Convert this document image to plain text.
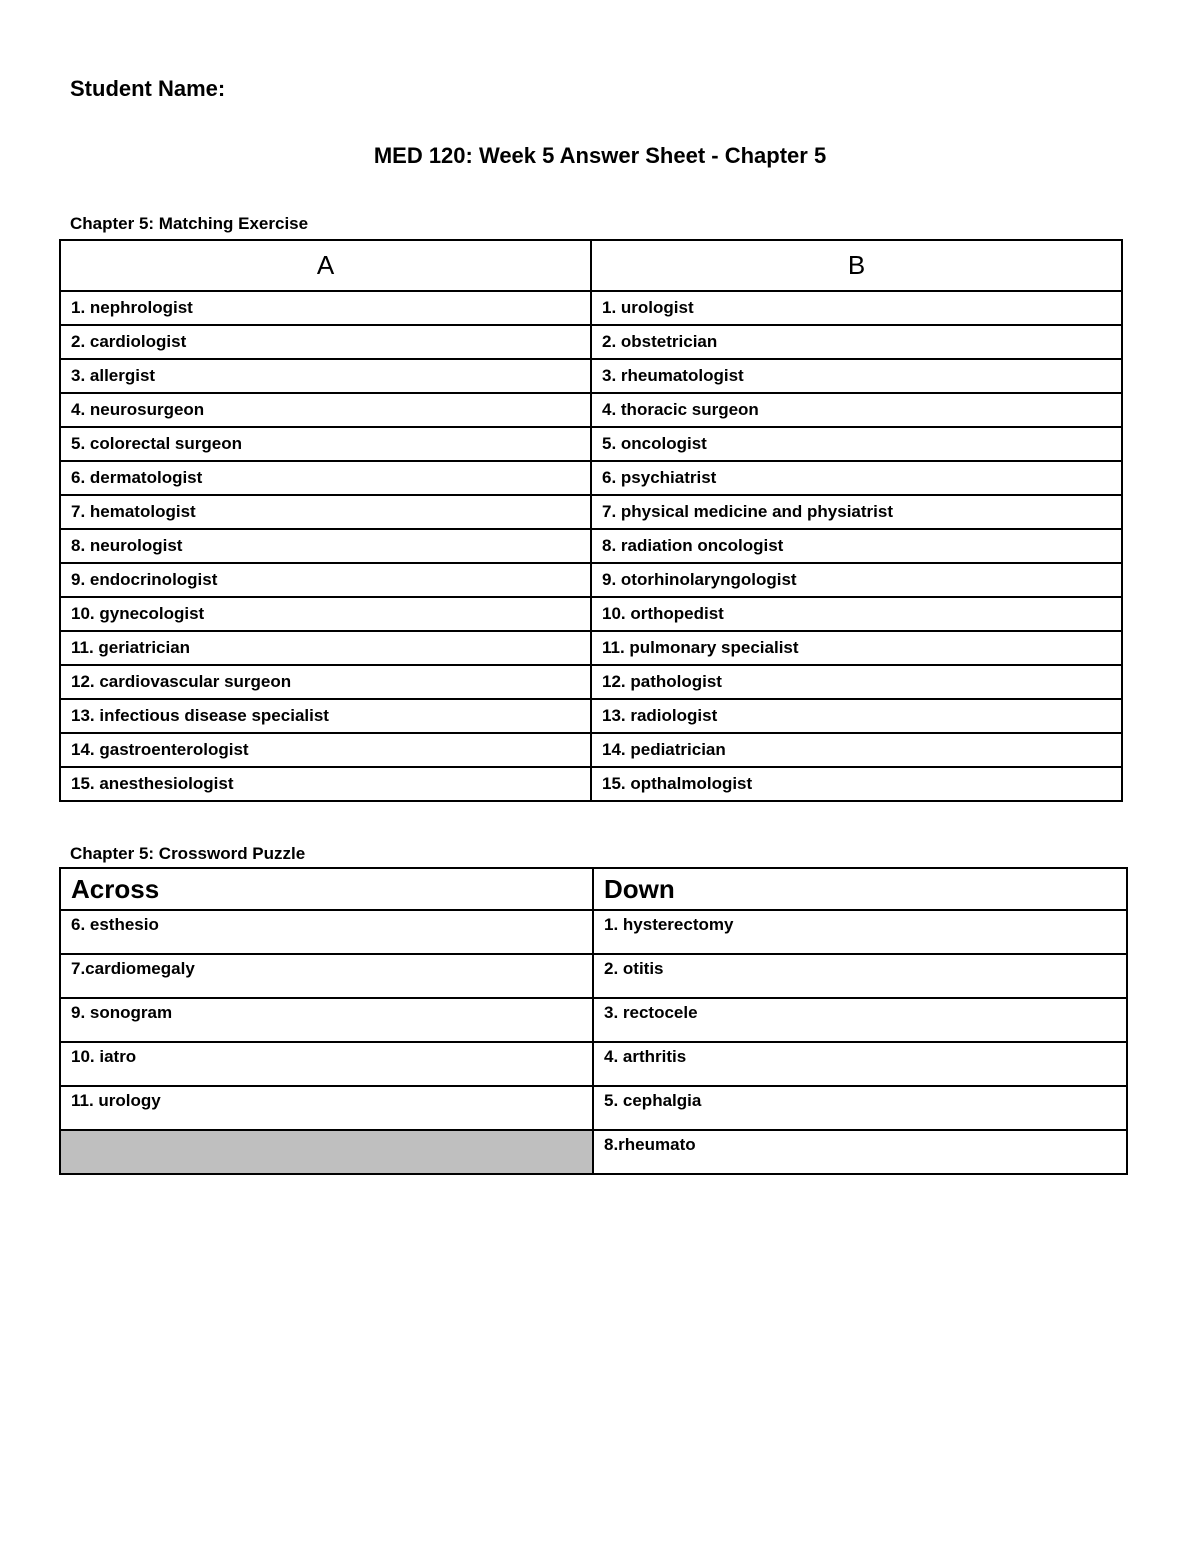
Student Name:
MED 120: Week 5 Answer Sheet - Chapter 5
Chapter 5: Matching Exercise
A	B
1. nephrologist	1. urologist
2. cardiologist	2. obstetrician
3. allergist	3. rheumatologist
4. neurosurgeon	4. thoracic surgeon
5. colorectal surgeon	5. oncologist
6. dermatologist	6. psychiatrist
7. hematologist	7. physical medicine and physiatrist
8. neurologist	8. radiation oncologist
9. endocrinologist	9. otorhinolaryngologist
10. gynecologist	10. orthopedist
11. geriatrician	11. pulmonary specialist
12. cardiovascular surgeon	12. pathologist
13. infectious disease specialist	13. radiologist
14. gastroenterologist	14. pediatrician
15. anesthesiologist	15. opthalmologist
Chapter 5: Crossword Puzzle
Across	Down
6. esthesio	1. hysterectomy
7.cardiomegaly	2. otitis
9. sonogram	3. rectocele
10. iatro	4. arthritis
11. urology	5. cephalgia
	8.rheumato
